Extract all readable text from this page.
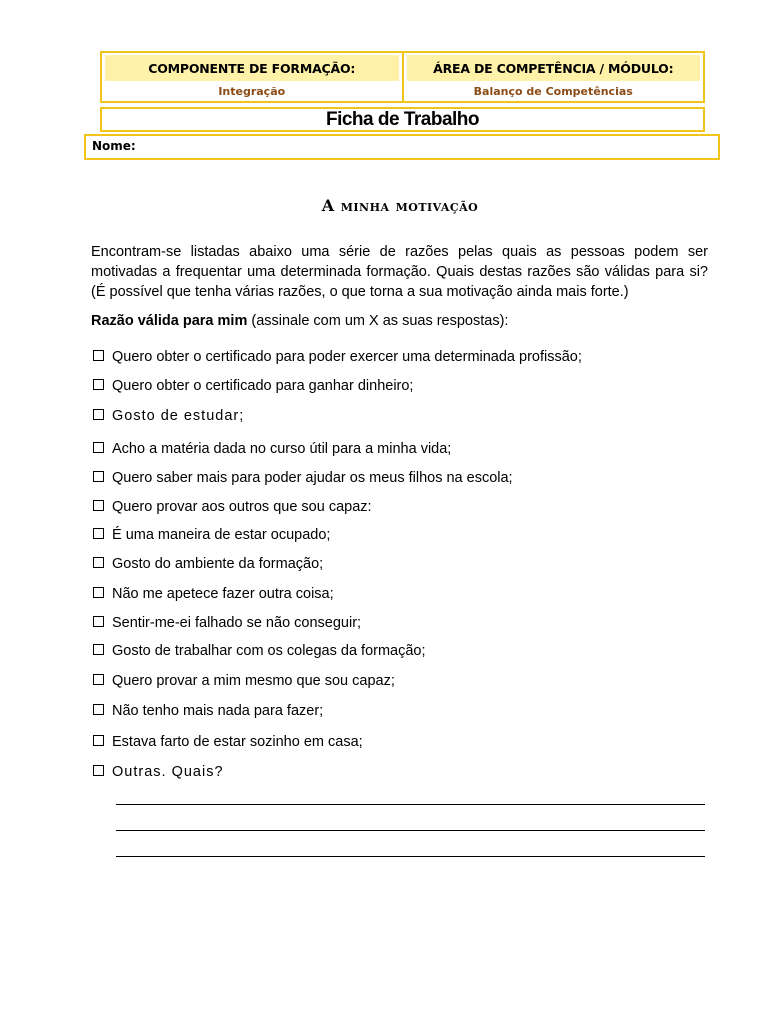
COMPONENTE DE FORMAÇÃO:
Integração
ÁREA DE COMPETÊNCIA / MÓDULO:
Balanço de Competências
Ficha de Trabalho
Nome:
A minha motivação
Encontram-se listadas abaixo uma série de razões pelas quais as pessoas podem ser motivadas a frequentar uma determinada formação. Quais destas razões são válidas para si? (É possível que tenha várias razões, o que torna a sua motivação ainda mais forte.)
Razão válida para mim (assinale com um X as suas respostas):
Quero obter o certificado para poder exercer uma determinada profissão;
Quero obter o certificado para ganhar dinheiro;
Gosto de estudar;
Acho a matéria dada no curso útil para a minha vida;
Quero saber mais para poder ajudar os meus filhos na escola;
Quero provar aos outros que sou capaz:
É uma maneira de estar ocupado;
Gosto do ambiente da formação;
Não me apetece fazer outra coisa;
Sentir-me-ei falhado se não conseguir;
Gosto de trabalhar com os colegas da formação;
Quero provar a mim mesmo que sou capaz;
Não tenho mais nada para fazer;
Estava farto de estar sozinho em casa;
Outras. Quais?
